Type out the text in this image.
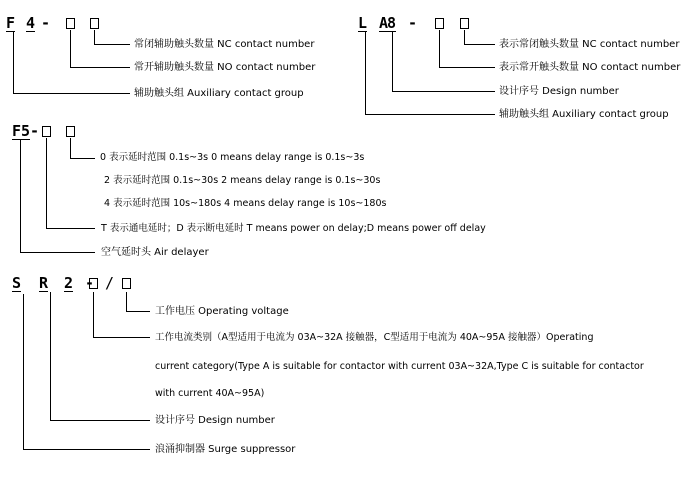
F 4 -
常闭辅助触头数量 NC contact number
常开辅助触头数量 NO contact number
辅助触头组 Auxiliary contact group
L A
8 -
表示常闭触头数量 NC contact number
表示常开触头数量 NO contact number
设计序号 Design number
辅助触头组 Auxiliary contact group
F5 -
0 表示延时范围 0.1s~3s 0 means delay range is 0.1s~3s
2 表示延时范围 0.1s~30s 2 means delay range is 0.1s~30s
4 表示延时范围 10s~180s 4 means delay range is 10s~180s
T 表示通电延时；D 表示断电延时 T means power on delay;D means power off delay
空气延时头 Air delayer
S R 2 - /
工作电压 Operating voltage
工作电流类别（A型适用于电流为 03A~32A 接触器，C型适用于电流为 40A~95A 接触器）Operating
current category(Type A is suitable for contactor with current 03A~32A,Type C is suitable for contactor
with current 40A~95A)
设计序号 Design number
浪涌抑制器 Surge suppressor
